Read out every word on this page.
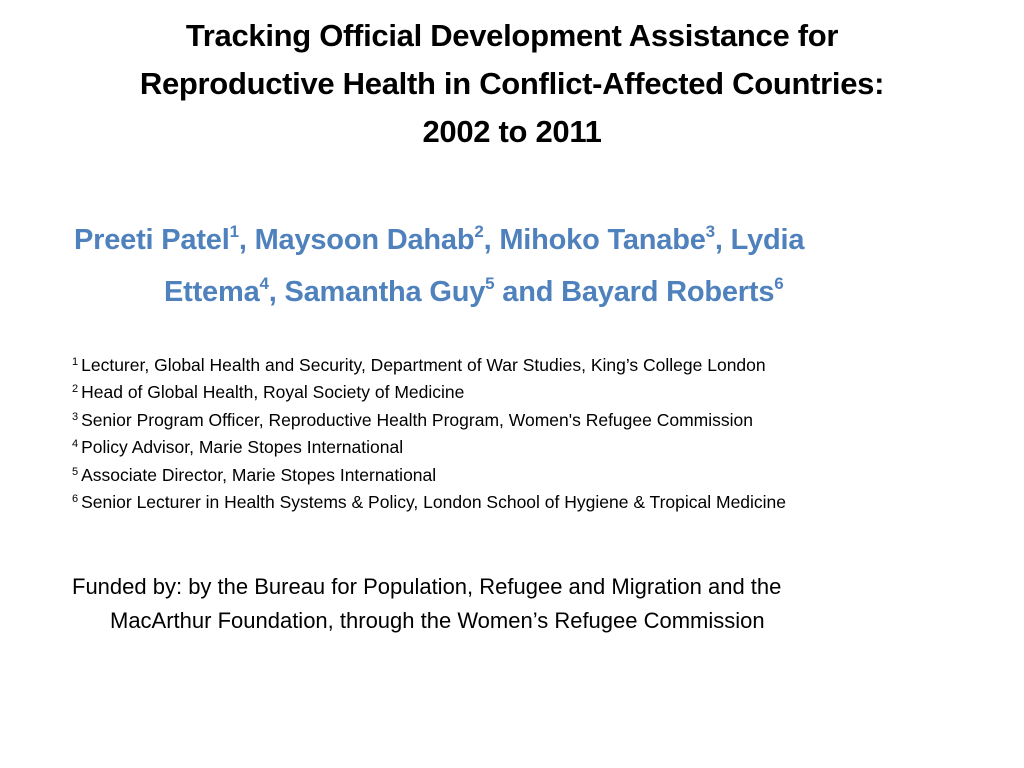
Tracking Official Development Assistance for
Reproductive Health in Conflict-Affected Countries:
2002 to 2011
Preeti Patel$^1$, Maysoon Dahab$^2$, Mihoko Tanabe$^3$, Lydia
Ettema$^4$, Samantha Guy$^5$ and Bayard Roberts$^6$
$^1$ Lecturer, Global Health and Security, Department of War Studies, King’s College London
$^2$ Head of Global Health, Royal Society of Medicine
$^3$ Senior Program Officer, Reproductive Health Program, Women's Refugee Commission
$^4$ Policy Advisor, Marie Stopes International
$^5$ Associate Director, Marie Stopes International
$^6$ Senior Lecturer in Health Systems & Policy, London School of Hygiene & Tropical Medicine
Funded by: by the Bureau for Population, Refugee and Migration and the
MacArthur Foundation, through the Women’s Refugee Commission
